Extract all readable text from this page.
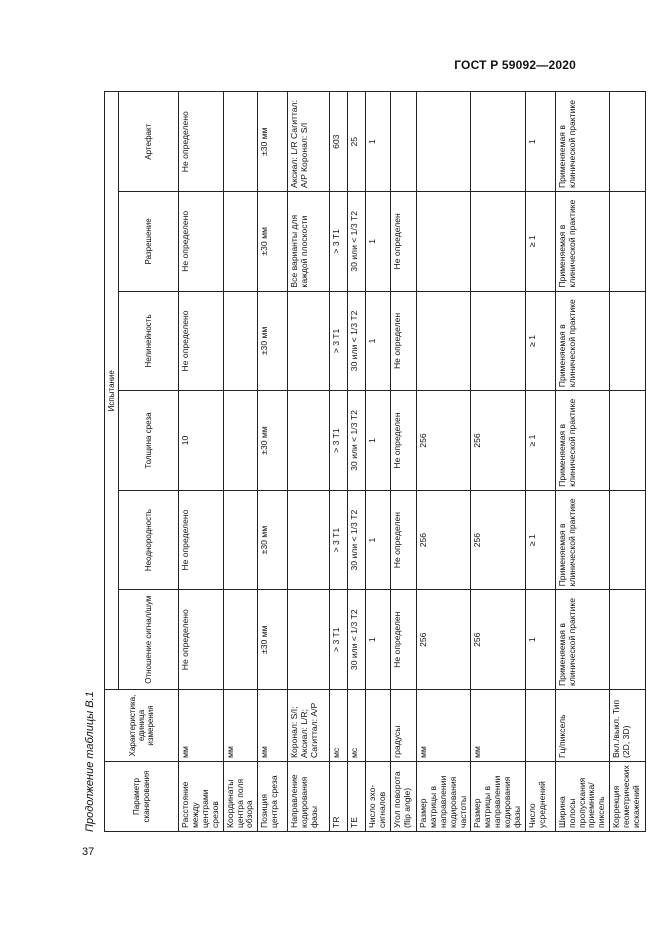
ГОСТ Р 59092—2020
Продолжение таблицы В.1	Параметр сканирования	Характеристика, единица измерения	Испытание					
		Отношение сигнал/шум	Неоднородность	Толщина среза	Нелинейность	Разрешение	Артефакт
Расстояние между центрами срезов	мм	Не определено	Не определено	10	Не определено	Не определено	Не определено
Координаты центра поля обзора	мм						
Позиция центра среза	мм	±30 мм	±30 мм	±30 мм	±30 мм	±30 мм	±30 мм
Направление кодирования фазы	Коронал: S/I; Аксиал: L/R; Сагиттал: A/P					Все варианты для каждой плоскости	Аксиал: L/R Сагиттал: A/P Коронал: S/I
TR	мс	> 3 T1	> 3 T1	> 3 T1	> 3 T1	> 3 T1	603
TE	мс	30 или < 1/3 T2	30 или < 1/3 T2	30 или < 1/3 T2	30 или < 1/3 T2	30 или < 1/3 T2	25
Число эхо-сигналов		1	1	1	1	1	1
Угол поворота (flip angle)	градусы	Не определен	Не определен	Не определен	Не определен	Не определен	
Размер матрицы в направлении кодирования частоты	мм	256	256	256			
Размер матрицы в направлении кодирования фазы	мм	256	256	256			
Число усреднений		1	≥ 1	≥ 1	≥ 1	≥ 1	1
Ширина полосы пропускания приемника/пиксель	Гц/пиксель	Применяемая в клинической практике	Применяемая в клинической практике	Применяемая в клинической практике	Применяемая в клинической практике	Применяемая в клинической практике	Применяемая в клинической практике
Коррекция геометрических искажений	Вкл./выкл. Тип (2D, 3D)						
37
